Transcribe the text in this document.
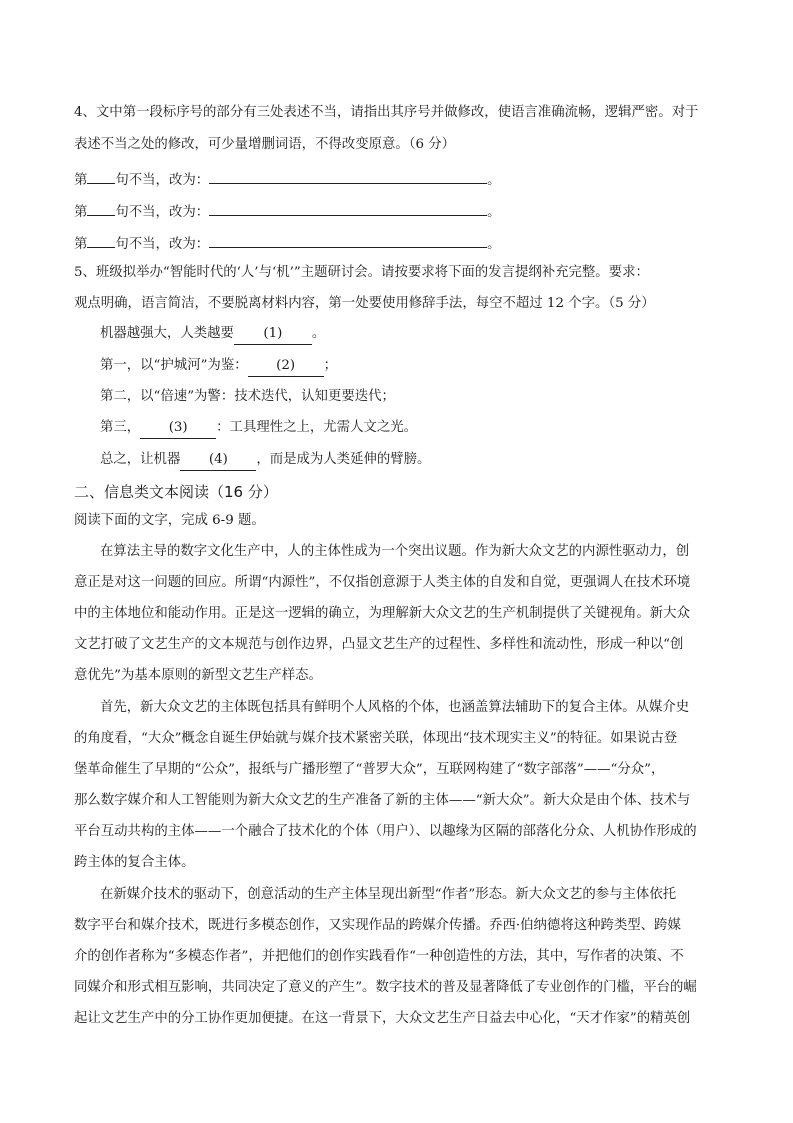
4、文中第一段标序号的部分有三处表述不当，请指出其序号并做修改，使语言准确流畅，逻辑严密。对于
表述不当之处的修改，可少量增删词语，不得改变原意。（6 分）
第 句不当，改为：	。
第 句不当，改为：	。
第 句不当，改为：	。
5、班级拟举办“智能时代的‘人’与‘机’”主题研讨会。请按要求将下面的发言提纲补充完整。要求：
观点明确，语言简洁，不要脱离材料内容，第一处要使用修辞手法，每空不超过 12 个字。（5 分）
机器越强大，人类越要 (1) 。
第一，以“护城河”为鉴： (2) ；
第二，以“倍速”为警：技术迭代，认知更要迭代；
第三， (3) ：工具理性之上，尤需人文之光。
总之，让机器 (4) ，而是成为人类延伸的臂膀。
二、信息类文本阅读（16 分）
阅读下面的文字，完成 6-9 题。
在算法主导的数字文化生产中，人的主体性成为一个突出议题。作为新大众文艺的内源性驱动力，创
意正是对这一问题的回应。所谓“内源性”，不仅指创意源于人类主体的自发和自觉，更强调人在技术环境
中的主体地位和能动作用。正是这一逻辑的确立，为理解新大众文艺的生产机制提供了关键视角。新大众
文艺打破了文艺生产的文本规范与创作边界，凸显文艺生产的过程性、多样性和流动性，形成一种以“创
意优先”为基本原则的新型文艺生产样态。
首先，新大众文艺的主体既包括具有鲜明个人风格的个体，也涵盖算法辅助下的复合主体。从媒介史
的角度看，“大众”概念自诞生伊始就与媒介技术紧密关联，体现出“技术现实主义”的特征。如果说古登
堡革命催生了早期的“公众”，报纸与广播形塑了“普罗大众”，互联网构建了“数字部落”——“分众”，
那么数字媒介和人工智能则为新大众文艺的生产准备了新的主体——“新大众”。新大众是由个体、技术与
平台互动共构的主体——一个融合了技术化的个体（用户）、以趣缘为区隔的部落化分众、人机协作形成的
跨主体的复合主体。
在新媒介技术的驱动下，创意活动的生产主体呈现出新型“作者”形态。新大众文艺的参与主体依托
数字平台和媒介技术，既进行多模态创作，又实现作品的跨媒介传播。乔西·伯纳德将这种跨类型、跨媒
介的创作者称为“多模态作者”，并把他们的创作实践看作“一种创造性的方法，其中，写作者的决策、不
同媒介和形式相互影响，共同决定了意义的产生”。数字技术的普及显著降低了专业创作的门槛，平台的崛
起让文艺生产中的分工协作更加便捷。在这一背景下，大众文艺生产日益去中心化，“天才作家”的精英创
